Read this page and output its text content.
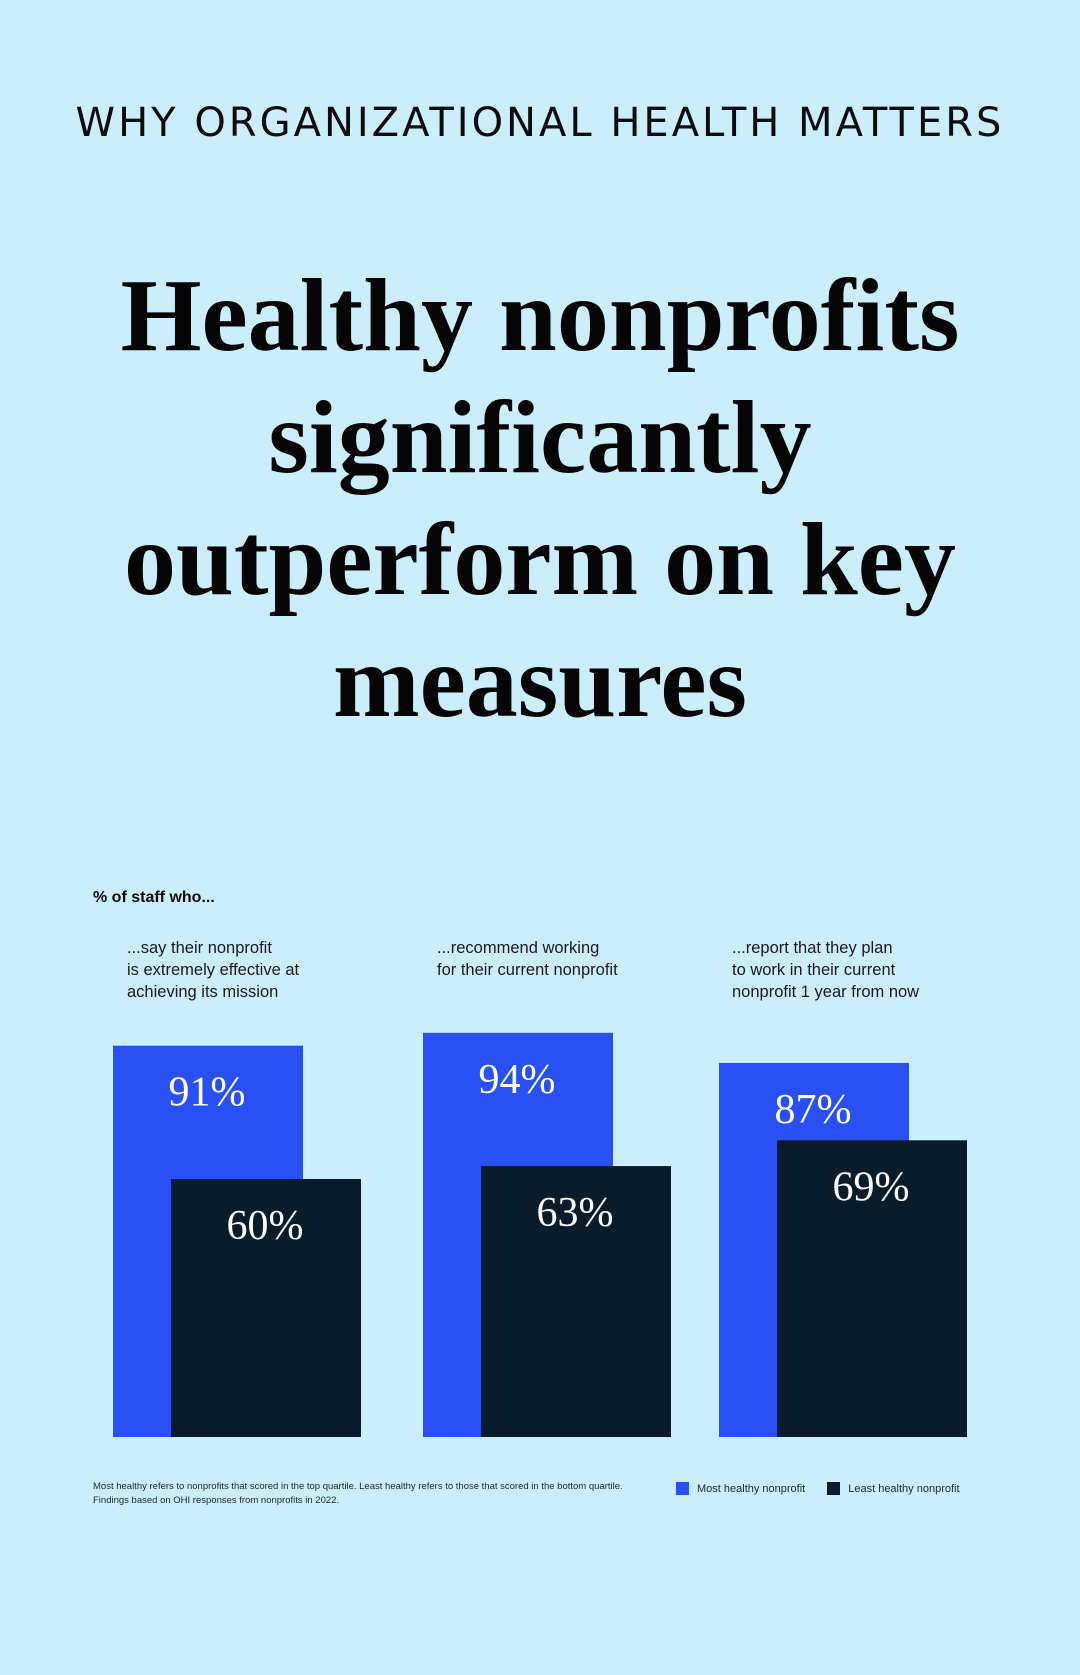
WHY ORGANIZATIONAL HEALTH MATTERS
Healthy nonprofits significantly outperform on key measures
% of staff who...
...say their nonprofit
is extremely effective at
achieving its mission
91%
60%
...recommend working
for their current nonprofit
94%
63%
...report that they plan
to work in their current
nonprofit 1 year from now
87%
69%
Most healthy refers to nonprofits that scored in the top quartile. Least healthy refers to those that scored in the bottom quartile.
Findings based on OHI responses from nonprofits in 2022.
Most healthy nonprofit	Least healthy nonprofit
